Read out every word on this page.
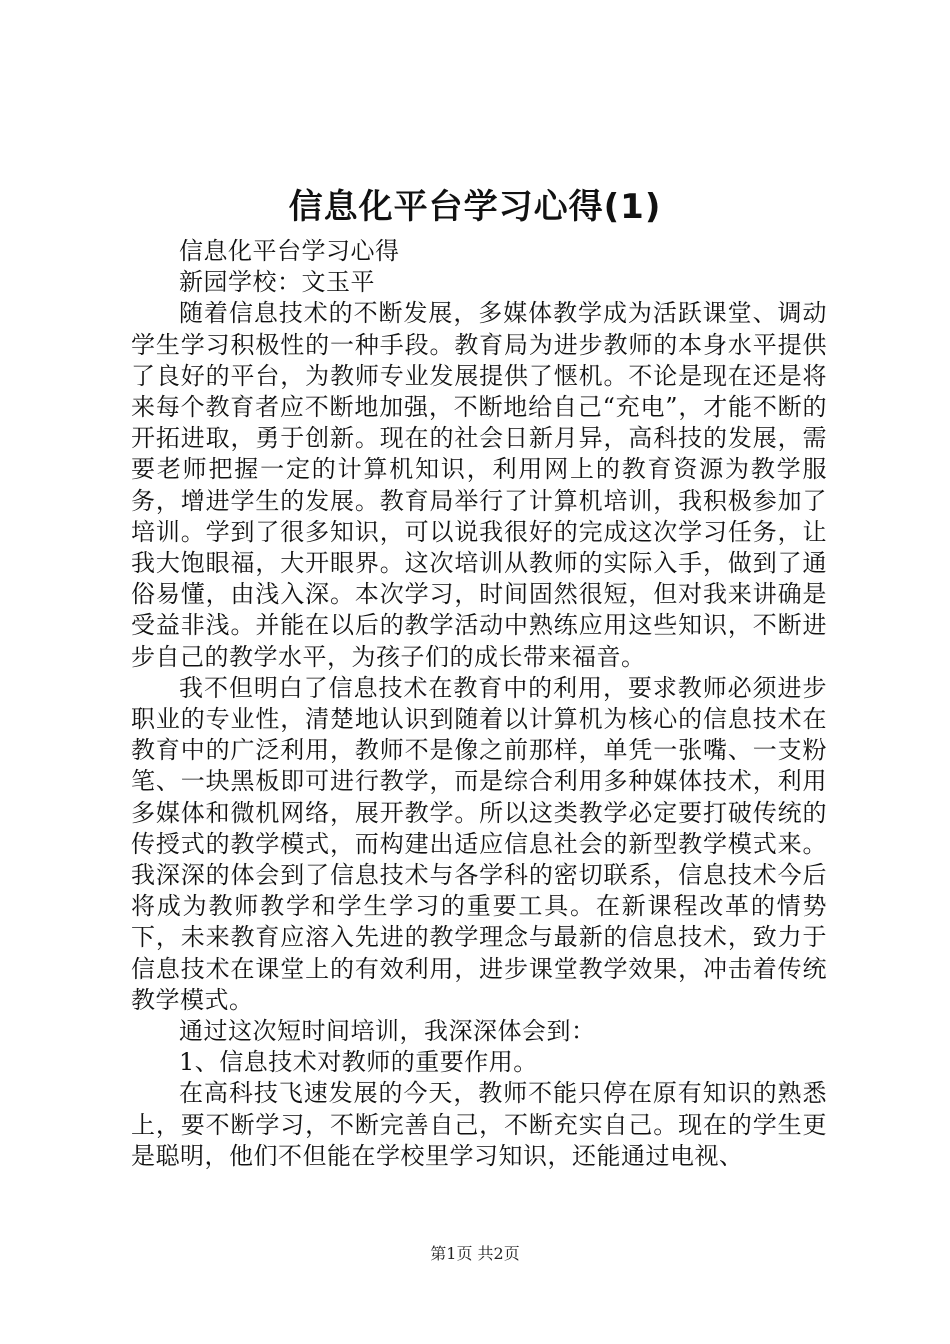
信息化平台学习心得(1)

信息化平台学习心得

新园学校：文玉平

随着信息技术的不断发展，多媒体教学成为活跃课堂、调动学生学习积极性的一种手段。教育局为进步教师的本身水平提供了良好的平台，为教师专业发展提供了惬机。不论是现在还是将来每个教育者应不断地加强，不断地给自己“充电”，才能不断的开拓进取，勇于创新。现在的社会日新月异，高科技的发展，需要老师把握一定的计算机知识，利用网上的教育资源为教学服务，增进学生的发展。教育局举行了计算机培训，我积极参加了培训。学到了很多知识，可以说我很好的完成这次学习任务，让我大饱眼福，大开眼界。这次培训从教师的实际入手，做到了通俗易懂，由浅入深。本次学习，时间固然很短，但对我来讲确是受益非浅。并能在以后的教学活动中熟练应用这些知识，不断进步自己的教学水平，为孩子们的成长带来福音。

我不但明白了信息技术在教育中的利用，要求教师必须进步职业的专业性，清楚地认识到随着以计算机为核心的信息技术在教育中的广泛利用，教师不是像之前那样，单凭一张嘴、一支粉笔、一块黑板即可进行教学，而是综合利用多种媒体技术，利用多媒体和微机网络，展开教学。所以这类教学必定要打破传统的传授式的教学模式，而构建出适应信息社会的新型教学模式来。我深深的体会到了信息技术与各学科的密切联系，信息技术今后将成为教师教学和学生学习的重要工具。在新课程改革的情势下，未来教育应溶入先进的教学理念与最新的信息技术，致力于信息技术在课堂上的有效利用，进步课堂教学效果，冲击着传统教学模式。

通过这次短时间培训，我深深体会到：

1、信息技术对教师的重要作用。

在高科技飞速发展的今天，教师不能只停在原有知识的熟悉上，要不断学习，不断完善自己，不断充实自己。现在的学生更是聪明，他们不但能在学校里学习知识，还能通过电视、

第1页 共2页
